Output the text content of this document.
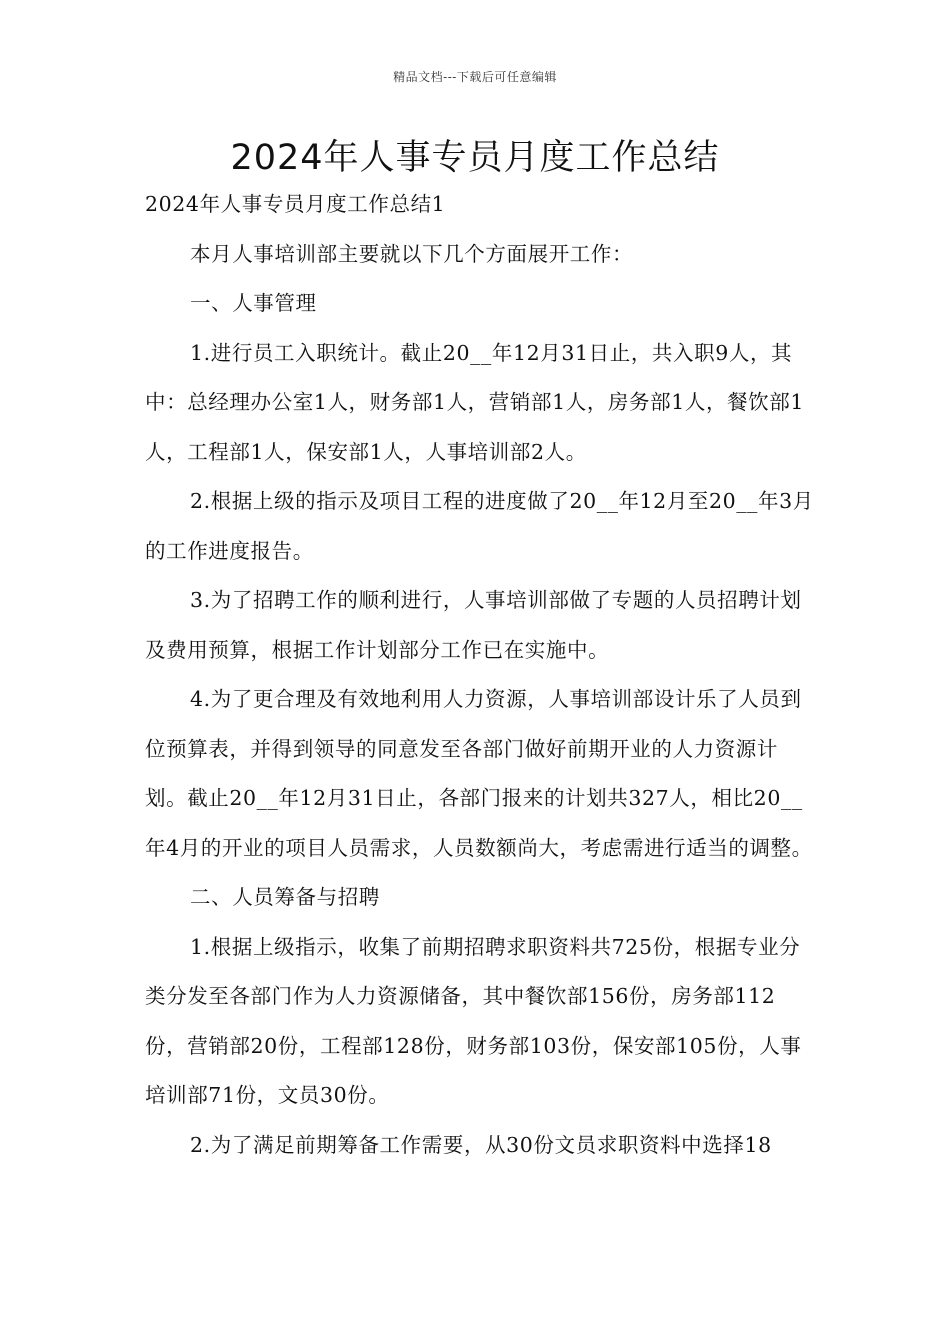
精品文档---下载后可任意编辑
2024年人事专员月度工作总结

2024年人事专员月度工作总结1

本月人事培训部主要就以下几个方面展开工作：

一、人事管理

1.进行员工入职统计。截止20__年12月31日止，共入职9人，其中：总经理办公室1人，财务部1人，营销部1人，房务部1人，餐饮部1人，工程部1人，保安部1人，人事培训部2人。

2.根据上级的指示及项目工程的进度做了20__年12月至20__年3月的工作进度报告。

3.为了招聘工作的顺利进行，人事培训部做了专题的人员招聘计划及费用预算，根据工作计划部分工作已在实施中。

4.为了更合理及有效地利用人力资源，人事培训部设计乐了人员到位预算表，并得到领导的同意发至各部门做好前期开业的人力资源计划。截止20__年12月31日止，各部门报来的计划共327人，相比20__年4月的开业的项目人员需求，人员数额尚大，考虑需进行适当的调整。

二、人员筹备与招聘

1.根据上级指示，收集了前期招聘求职资料共725份，根据专业分类分发至各部门作为人力资源储备，其中餐饮部156份，房务部112份，营销部20份，工程部128份，财务部103份，保安部105份，人事培训部71份，文员30份。

2.为了满足前期筹备工作需要，从30份文员求职资料中选择18
